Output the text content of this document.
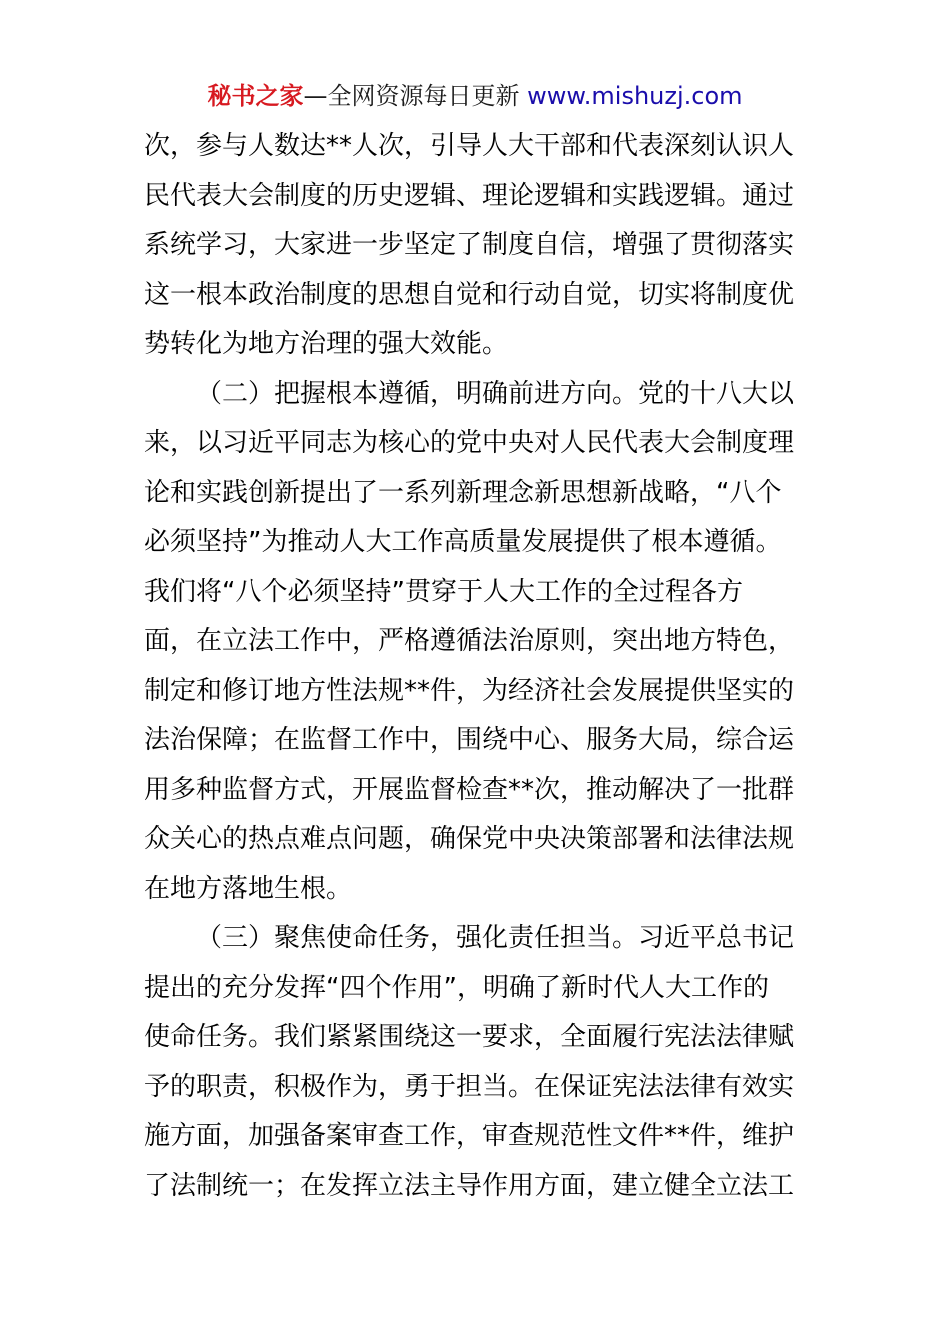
秘书之家—全网资源每日更新 www.mishuzj.com
次，参与人数达**人次，引导人大干部和代表深刻认识人
民代表大会制度的历史逻辑、理论逻辑和实践逻辑。通过
系统学习，大家进一步坚定了制度自信，增强了贯彻落实
这一根本政治制度的思想自觉和行动自觉，切实将制度优
势转化为地方治理的强大效能。
（二）把握根本遵循，明确前进方向。党的十八大以
来，以习近平同志为核心的党中央对人民代表大会制度理
论和实践创新提出了一系列新理念新思想新战略，“八个
必须坚持”为推动人大工作高质量发展提供了根本遵循。
我们将“八个必须坚持”贯穿于人大工作的全过程各方
面，在立法工作中，严格遵循法治原则，突出地方特色，
制定和修订地方性法规**件，为经济社会发展提供坚实的
法治保障；在监督工作中，围绕中心、服务大局，综合运
用多种监督方式，开展监督检查**次，推动解决了一批群
众关心的热点难点问题，确保党中央决策部署和法律法规
在地方落地生根。
（三）聚焦使命任务，强化责任担当。习近平总书记
提出的充分发挥“四个作用”，明确了新时代人大工作的
使命任务。我们紧紧围绕这一要求，全面履行宪法法律赋
予的职责，积极作为，勇于担当。在保证宪法法律有效实
施方面，加强备案审查工作，审查规范性文件**件，维护
了法制统一；在发挥立法主导作用方面，建立健全立法工
